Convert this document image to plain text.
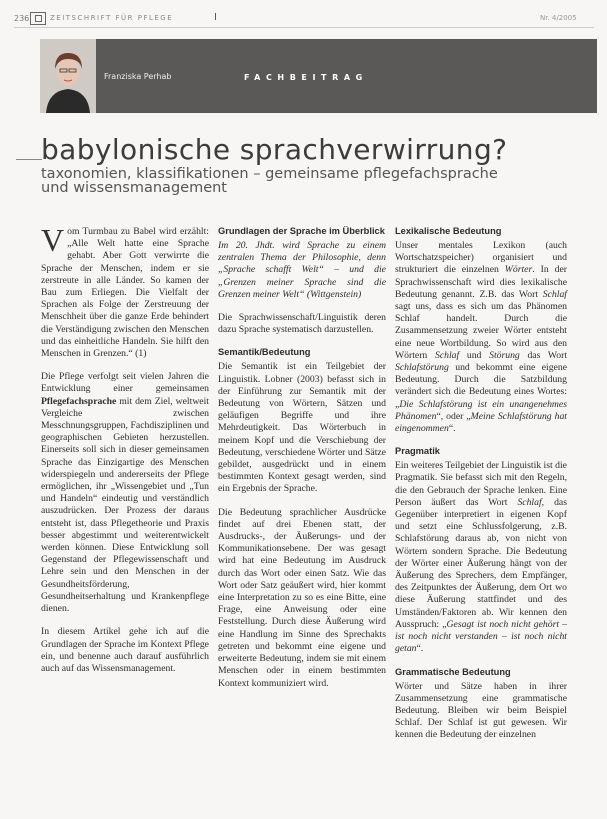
236	ZEITSCHRIFT FÜR PFLEGE	I	Nr. 4/2005
Franziska Perhab	FACHBEITRAG
babylonische sprachverwirrung?
taxonomien, klassifikationen – gemeinsame pflegefachsprache
und wissensmanagement

Vom Turmbau zu Babel wird erzählt: „Alle Welt hatte eine Sprache gehabt. Aber Gott verwirrte die Sprache der Menschen, indem er sie zerstreute in alle Länder. So kamen der Bau zum Erliegen. Die Vielfalt der Sprachen als Folge der Zerstreuung der Menschheit über die ganze Erde behindert die Verständigung zwischen den Menschen und das einheitliche Handeln. Sie hilft den Menschen in Grenzen.“ (1)

Die Pflege verfolgt seit vielen Jahren die Entwicklung einer gemeinsamen Pflegefachsprache mit dem Ziel, weltweit Vergleiche zwischen Messchnungsgruppen, Fachdisziplinen und geographischen Gebieten herzustellen. Einerseits soll sich in dieser gemeinsamen Sprache das Einzigartige des Menschen widerspiegeln und andererseits der Pflege ermöglichen, ihr „Wissengebiet und „Tun und Handeln“ eindeutig und verständlich auszudrücken. Der Prozess der daraus entsteht ist, dass Pflegetheorie und Praxis besser abgestimmt und weiterentwickelt werden können. Diese Entwicklung soll Gegenstand der Pflegewissenschaft und Lehre sein und den Menschen in der Gesundheitsförderung, Gesundheitserhaltung und Krankenpflege dienen.

In diesem Artikel gehe ich auf die Grundlagen der Sprache im Kontext Pflege ein, und benenne auch darauf ausführlich auch auf das Wissensmanagement.

Grundlagen der Sprache im Überblick

Im 20. Jhdt. wird Sprache zu einem zentralen Thema der Philosophie, denn „Sprache schafft Welt“ – und die „Grenzen meiner Sprache sind die Grenzen meiner Welt“ (Wittgenstein)

Die Sprachwissenschaft/Linguistik deren dazu Sprache systematisch darzustellen.

Semantik/Bedeutung

Die Semantik ist ein Teilgebiet der Linguistik. Lobner (2003) befasst sich in der Einführung zur Semantik mit der Bedeutung von Wörtern, Sätzen und geläufigen Begriffe und ihre Mehrdeutigkeit. Das Wörterbuch in meinem Kopf und die Verschiebung der Bedeutung, verschiedene Wörter und Sätze gebildet, ausgedrückt und in einem bestimmten Kontext gesagt werden, sind ein Ergebnis der Sprache.

Die Bedeutung sprachlicher Ausdrücke findet auf drei Ebenen statt, der Ausdrucks-, der Äußerungs- und der Kommunikationsebene. Der was gesagt wird hat eine Bedeutung im Ausdruck durch das Wort oder einen Satz. Wie das Wort oder Satz geäußert wird, hier kommt eine Interpretation zu so es eine Bitte, eine Frage, eine Anweisung oder eine Feststellung. Durch diese Äußerung wird eine Handlung im Sinne des Sprechakts getreten und bekommt eine eigene und erweiterte Bedeutung, indem sie mit einem Menschen oder in einem bestimmten Kontext kommuniziert wird.

Lexikalische Bedeutung

Unser mentales Lexikon (auch Wortschatzspeicher) organisiert und strukturiert die einzelnen Wörter. In der Sprachwissenschaft wird dies lexikalische Bedeutung genannt. Z.B. das Wort Schlaf sagt uns, dass es sich um das Phänomen Schlaf handelt. Durch die Zusammensetzung zweier Wörter entsteht eine neue Wortbildung. So wird aus den Wörtern Schlaf und Störung das Wort Schlafstörung und bekommt eine eigene Bedeutung. Durch die Satzbildung verändert sich die Bedeutung eines Wortes: „Die Schlafstörung ist ein unangenehmes Phänomen“, oder „Meine Schlafstörung hat eingenommen“.

Pragmatik

Ein weiteres Teilgebiet der Linguistik ist die Pragmatik. Sie befasst sich mit den Regeln, die den Gebrauch der Sprache lenken. Eine Person äußert das Wort Schlaf, das Gegenüber interpretiert in eigenen Kopf und setzt eine Schlussfolgerung, z.B. Schlafstörung daraus ab, von nicht von Wörtern sondern Sprache. Die Bedeutung der Wörter einer Äußerung hängt von der Äußerung des Sprechers, dem Empfänger, des Zeitpunktes der Äußerung, dem Ort wo diese Äußerung stattfindet und des Umständen/Faktoren ab. Wir kennen den Ausspruch: „Gesagt ist noch nicht gehört – ist noch nicht verstanden – ist noch nicht getan“.

Grammatische Bedeutung

Wörter und Sätze haben in ihrer Zusammensetzung eine grammatische Bedeutung. Bleiben wir beim Beispiel Schlaf. Der Schlaf ist gut gewesen. Wir kennen die Bedeutung der einzelnen
